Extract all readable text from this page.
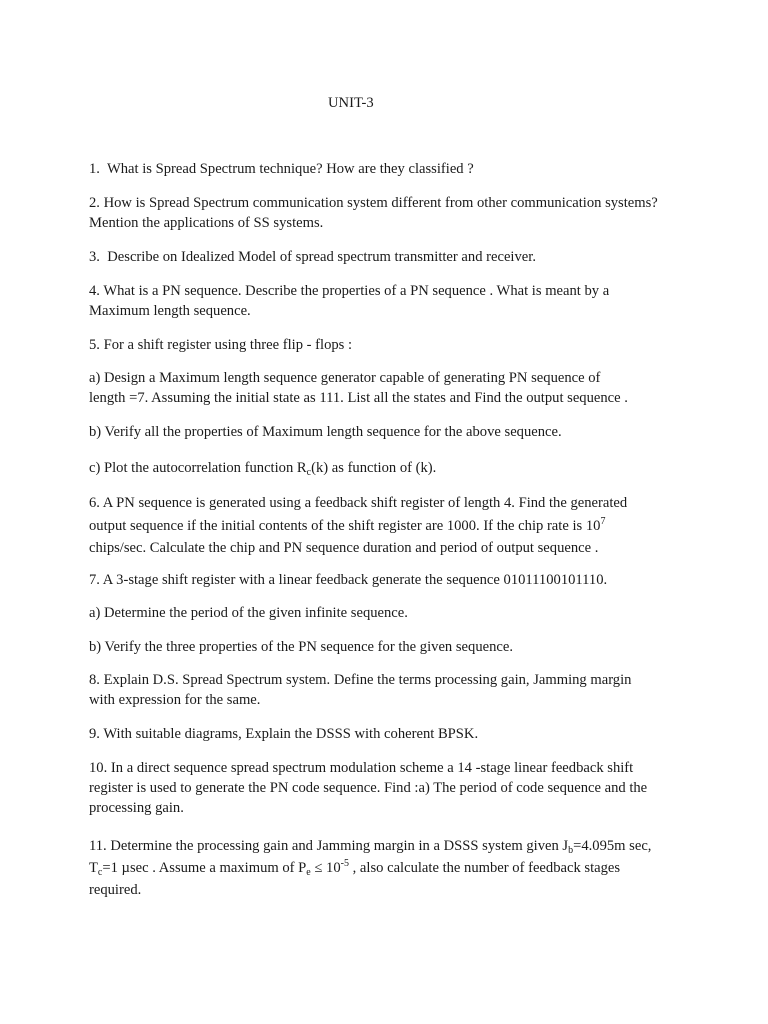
UNIT-3
1.  What is Spread Spectrum technique? How are they classified ?
2. How is Spread Spectrum communication system different from other communication systems?
Mention the applications of SS systems.
3.  Describe on Idealized Model of spread spectrum transmitter and receiver.
4. What is a PN sequence. Describe the properties of a PN sequence . What is meant by a
Maximum length sequence.
5. For a shift register using three flip - flops :
a) Design a Maximum length sequence generator capable of generating PN sequence of
length =7. Assuming the initial state as 111. List all the states and Find the output sequence .
b) Verify all the properties of Maximum length sequence for the above sequence.
c) Plot the autocorrelation function $R_c(k)$ as function of (k).
6. A PN sequence is generated using a feedback shift register of length 4. Find the generated
output sequence if the initial contents of the shift register are 1000. If the chip rate is $10^7$
chips/sec. Calculate the chip and PN sequence duration and period of output sequence .
7. A 3-stage shift register with a linear feedback generate the sequence 01011100101110.
a) Determine the period of the given infinite sequence.
b) Verify the three properties of the PN sequence for the given sequence.
8. Explain D.S. Spread Spectrum system. Define the terms processing gain, Jamming margin
with expression for the same.
9. With suitable diagrams, Explain the DSSS with coherent BPSK.
10. In a direct sequence spread spectrum modulation scheme a 14 -stage linear feedback shift
register is used to generate the PN code sequence. Find :a) The period of code sequence and the
processing gain.
11. Determine the processing gain and Jamming margin in a DSSS system given $J_b=4.095m$ sec,
$T_c=1$ µsec . Assume a maximum of $P_e \le 10^{-5}$ , also calculate the number of feedback stages
required.
